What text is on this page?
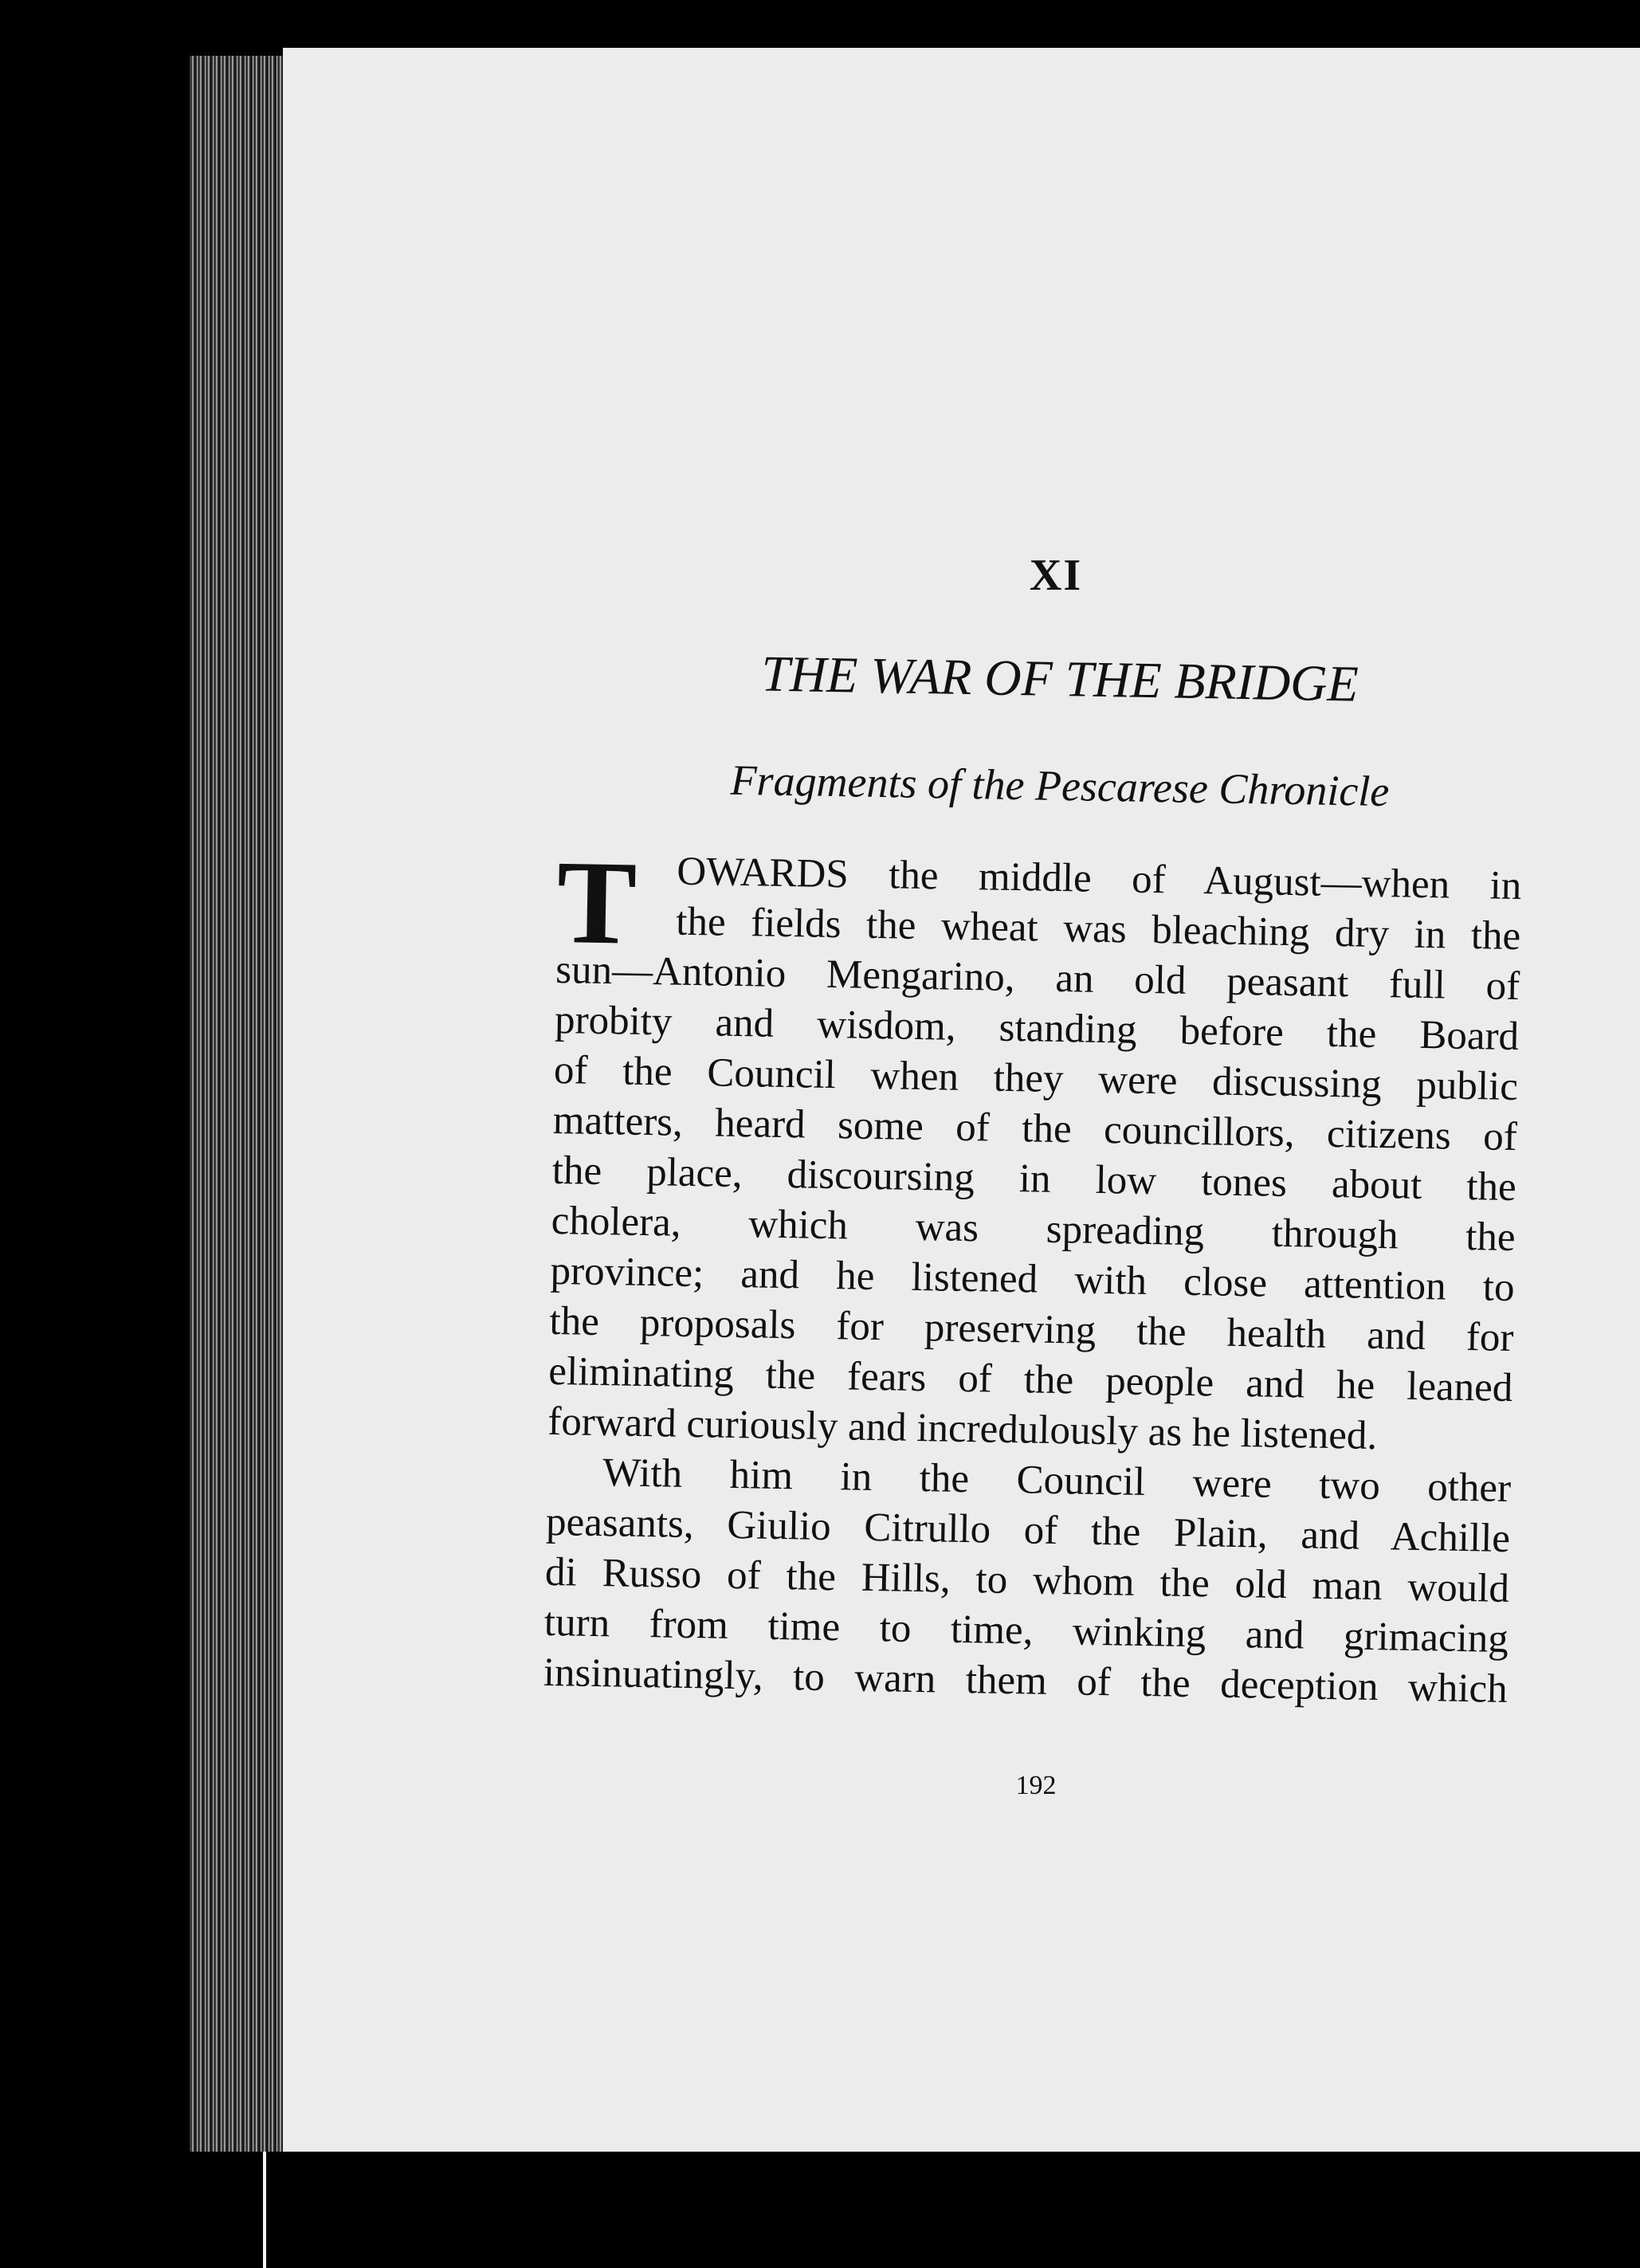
XI
THE WAR OF THE BRIDGE
Fragments of the Pescarese Chronicle
T OWARDS the middle of August—when in
the fields the wheat was bleaching dry in the
sun—Antonio Mengarino, an old peasant full of
probity and wisdom, standing before the Board
of the Council when they were discussing public
matters, heard some of the councillors, citizens of
the place, discoursing in low tones about the
cholera, which was spreading through the
province; and he listened with close attention to
the proposals for preserving the health and for
eliminating the fears of the people and he leaned
forward curiously and incredulously as he listened.
With him in the Council were two other
peasants, Giulio Citrullo of the Plain, and Achille
di Russo of the Hills, to whom the old man would
turn from time to time, winking and grimacing
insinuatingly, to warn them of the deception which
192
